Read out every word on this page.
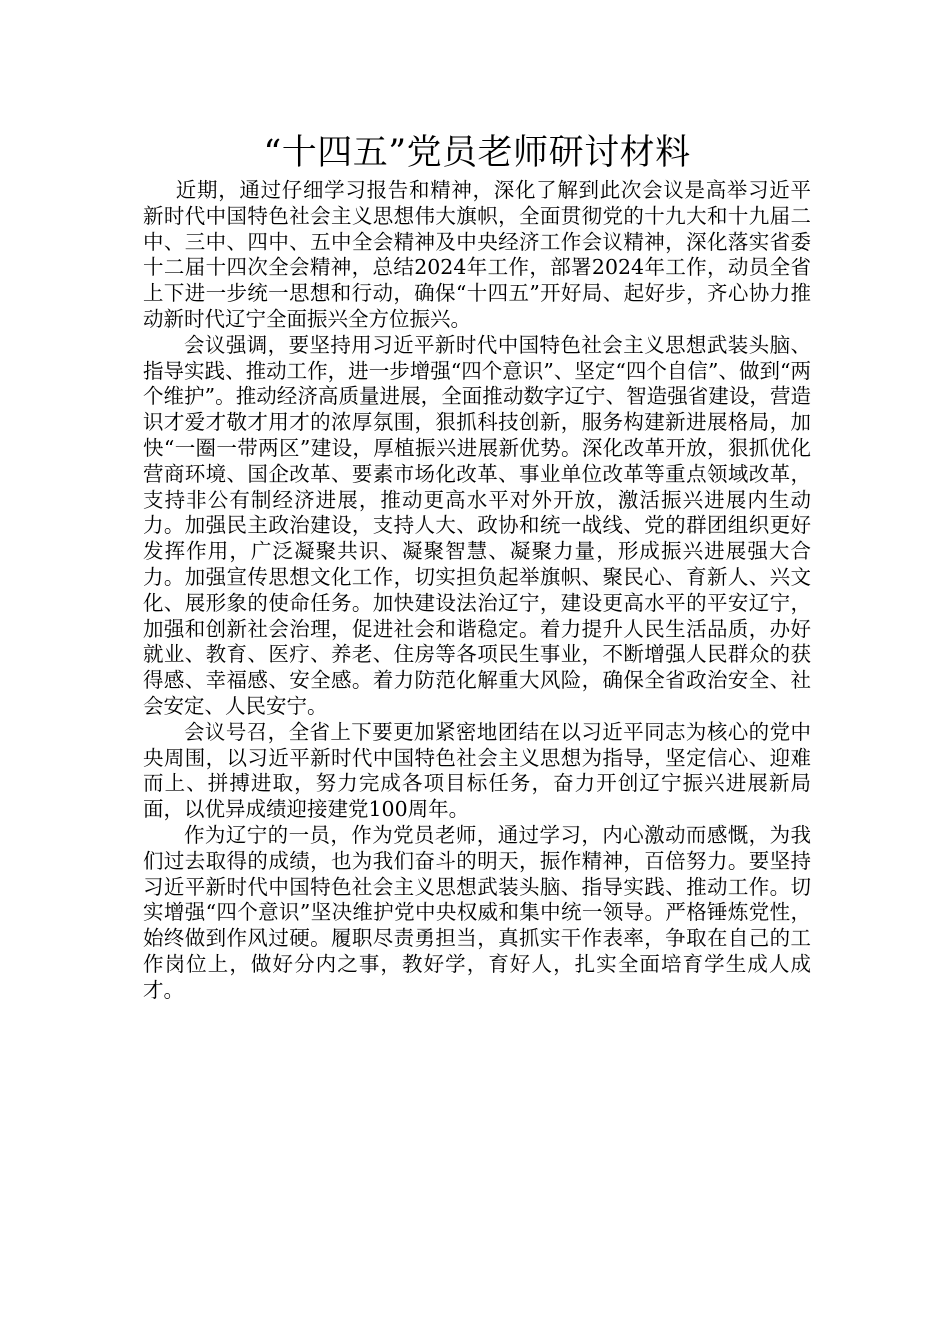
“十四五”党员老师研讨材料

近期，通过仔细学习报告和精神，深化了解到此次会议是高举习近平新时代中国特色社会主义思想伟大旗帜，全面贯彻党的十九大和十九届二中、三中、四中、五中全会精神及中央经济工作会议精神，深化落实省委十二届十四次全会精神，总结2024年工作，部署2024年工作，动员全省上下进一步统一思想和行动，确保“十四五”开好局、起好步，齐心协力推动新时代辽宁全面振兴全方位振兴。

会议强调，要坚持用习近平新时代中国特色社会主义思想武装头脑、指导实践、推动工作，进一步增强“四个意识”、坚定“四个自信”、做到“两个维护”。推动经济高质量进展，全面推动数字辽宁、智造强省建设，营造识才爱才敬才用才的浓厚氛围，狠抓科技创新，服务构建新进展格局，加快“一圈一带两区”建设，厚植振兴进展新优势。深化改革开放，狠抓优化营商环境、国企改革、要素市场化改革、事业单位改革等重点领域改革，支持非公有制经济进展，推动更高水平对外开放，激活振兴进展内生动力。加强民主政治建设，支持人大、政协和统一战线、党的群团组织更好发挥作用，广泛凝聚共识、凝聚智慧、凝聚力量，形成振兴进展强大合力。加强宣传思想文化工作，切实担负起举旗帜、聚民心、育新人、兴文化、展形象的使命任务。加快建设法治辽宁，建设更高水平的平安辽宁，加强和创新社会治理，促进社会和谐稳定。着力提升人民生活品质，办好就业、教育、医疗、养老、住房等各项民生事业，不断增强人民群众的获得感、幸福感、安全感。着力防范化解重大风险，确保全省政治安全、社会安定、人民安宁。

会议号召，全省上下要更加紧密地团结在以习近平同志为核心的党中央周围，以习近平新时代中国特色社会主义思想为指导，坚定信心、迎难而上、拼搏进取，努力完成各项目标任务，奋力开创辽宁振兴进展新局面，以优异成绩迎接建党100周年。

作为辽宁的一员，作为党员老师，通过学习，内心激动而感慨，为我们过去取得的成绩，也为我们奋斗的明天，振作精神，百倍努力。要坚持习近平新时代中国特色社会主义思想武装头脑、指导实践、推动工作。切实增强“四个意识”坚决维护党中央权威和集中统一领导。严格锤炼党性，始终做到作风过硬。履职尽责勇担当，真抓实干作表率，争取在自己的工作岗位上，做好分内之事，教好学，育好人，扎实全面培育学生成人成才。
